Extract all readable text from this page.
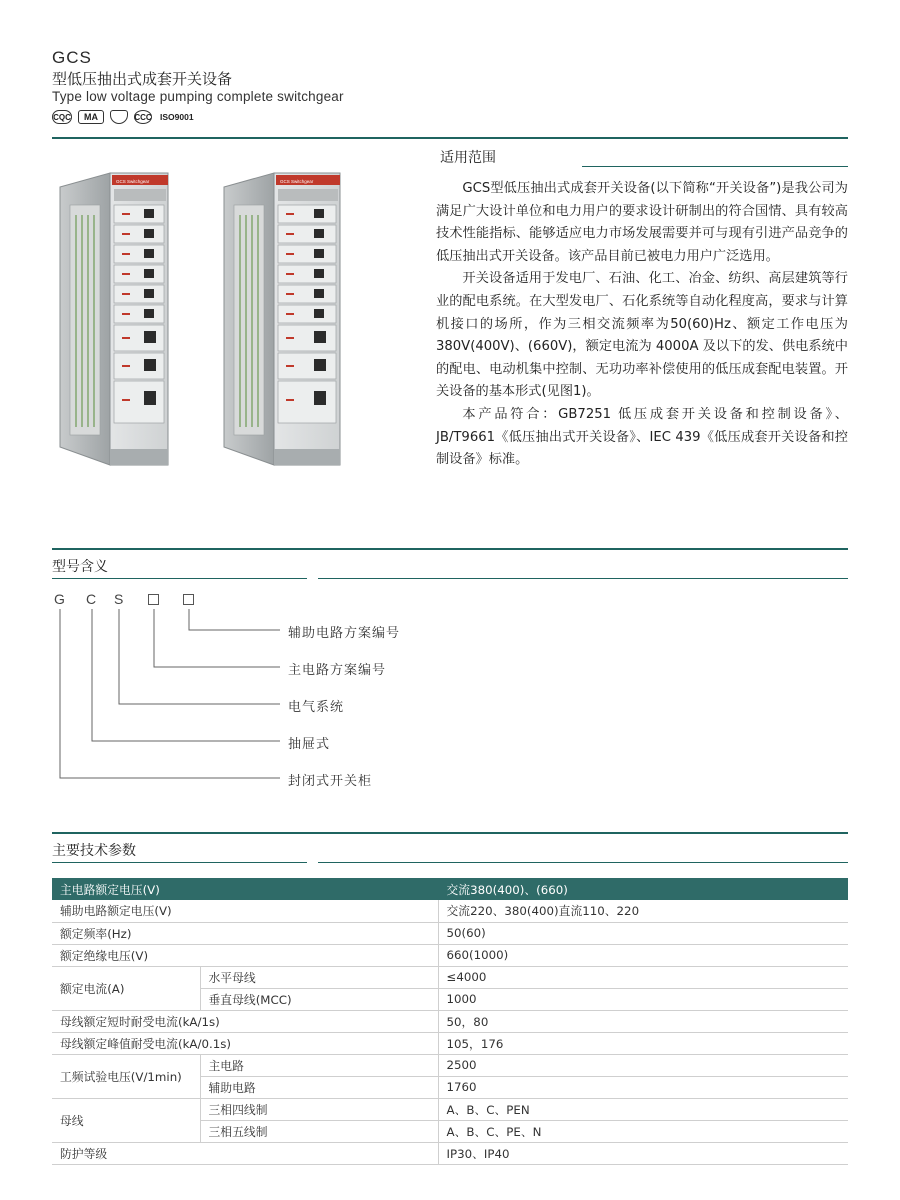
GCS
型低压抽出式成套开关设备
Type low voltage pumping complete switchgear
CQC	MA	CCC ISO9001
适用范围
GCS Switchgear	GCS Switchgear	GCS型低压抽出式成套开关设备(以下简称“开关设备”)是我公司为满足广大设计单位和电力用户的要求设计研制出的符合国情、具有较高技术性能指标、能够适应电力市场发展需要并可与现有引进产品竞争的低压抽出式开关设备。该产品目前已被电力用户广泛选用。

开关设备适用于发电厂、石油、化工、冶金、纺织、高层建筑等行业的配电系统。在大型发电厂、石化系统等自动化程度高，要求与计算机接口的场所，作为三相交流频率为50(60)Hz、额定工作电压为380V(400V)、(660V)，额定电流为 4000A 及以下的发、供电系统中的配电、电动机集中控制、无功功率补偿使用的低压成套配电装置。开关设备的基本形式(见图1)。

本产品符合：GB7251 低压成套开关设备和控制设备》、JB/T9661《低压抽出式开关设备》、IEC 439《低压成套开关设备和控制设备》标准。

型号含义
G C S
辅助电路方案编号
主电路方案编号
电气系统
抽屉式
封闭式开关柜
主要技术参数
主电路额定电压(V)		交流380(400)、(660)
辅助电路额定电压(V)		交流220、380(400)直流110、220
额定频率(Hz)		50(60)
额定绝缘电压(V)		660(1000)
额定电流(A)	水平母线	≤4000
	垂直母线(MCC)	1000
母线额定短时耐受电流(kA/1s)		50，80
母线额定峰值耐受电流(kA/0.1s)		105，176
工频试验电压(V/1min)	主电路	2500
	辅助电路	1760
母线	三相四线制	A、B、C、PEN
	三相五线制	A、B、C、PE、N
防护等级		IP30、IP40
